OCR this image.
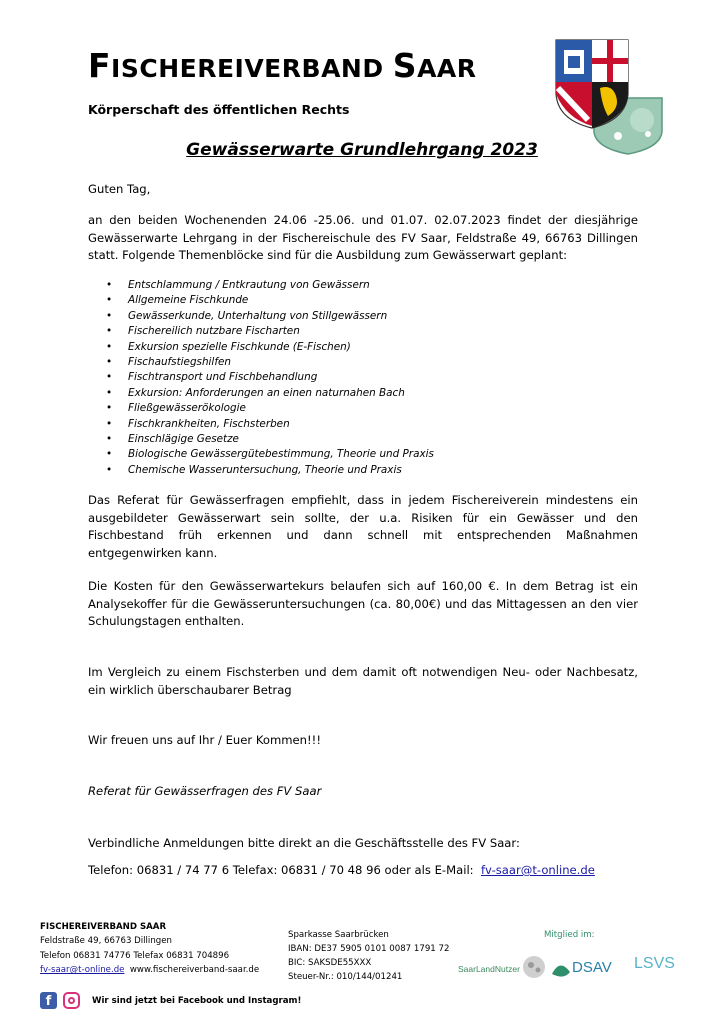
FISCHEREIVERBAND SAAR
Körperschaft des öffentlichen Rechts
Gewässerwarte Grundlehrgang 2023
Guten Tag,
an den beiden Wochenenden 24.06 -25.06. und 01.07. 02.07.2023 findet der diesjährige Gewässerwarte Lehrgang in der Fischereischule des FV Saar, Feldstraße 49, 66763 Dillingen statt. Folgende Themenblöcke sind für die Ausbildung zum Gewässerwart geplant:
• Entschlammung / Entkrautung von Gewässern
• Allgemeine Fischkunde
• Gewässerkunde, Unterhaltung von Stillgewässern
• Fischereilich nutzbare Fischarten
• Exkursion spezielle Fischkunde (E-Fischen)
• Fischaufstiegshilfen
• Fischtransport und Fischbehandlung
• Exkursion: Anforderungen an einen naturnahen Bach
• Fließgewässerökologie
• Fischkrankheiten, Fischsterben
• Einschlägige Gesetze
• Biologische Gewässergütebestimmung, Theorie und Praxis
• Chemische Wasseruntersuchung, Theorie und Praxis
Das Referat für Gewässerfragen empfiehlt, dass in jedem Fischereiverein mindestens ein ausgebildeter Gewässerwart sein sollte, der u.a. Risiken für ein Gewässer und den Fischbestand früh erkennen und dann schnell mit entsprechenden Maßnahmen entgegenwirken kann.
Die Kosten für den Gewässerwartekurs belaufen sich auf 160,00 €. In dem Betrag ist ein Analysekoffer für die Gewässeruntersuchungen (ca. 80,00€) und das Mittagessen an den vier Schulungstagen enthalten.
Im Vergleich zu einem Fischsterben und dem damit oft notwendigen Neu- oder Nachbesatz, ein wirklich überschaubarer Betrag
Wir freuen uns auf Ihr / Euer Kommen!!!
Referat für Gewässerfragen des FV Saar
Verbindliche Anmeldungen bitte direkt an die Geschäftsstelle des FV Saar:
Telefon: 06831 / 74 77 6 Telefax: 06831 / 70 48 96 oder als E-Mail: fv-saar@t-online.de
FISCHEREIVERBAND SAAR
Feldstraße 49, 66763 Dillingen
Telefon 06831 74776 Telefax 06831 704896
fv-saar@t-online.de www.fischereiverband-saar.de
Sparkasse Saarbrücken
IBAN: DE37 5905 0101 0087 1791 72
BIC: SAKSDE55XXX
Steuer-Nr.: 010/144/01241
Mitglied im:
SaarLandNutzer	DSAV LSVS
f	Wir sind jetzt bei Facebook und Instagram!
